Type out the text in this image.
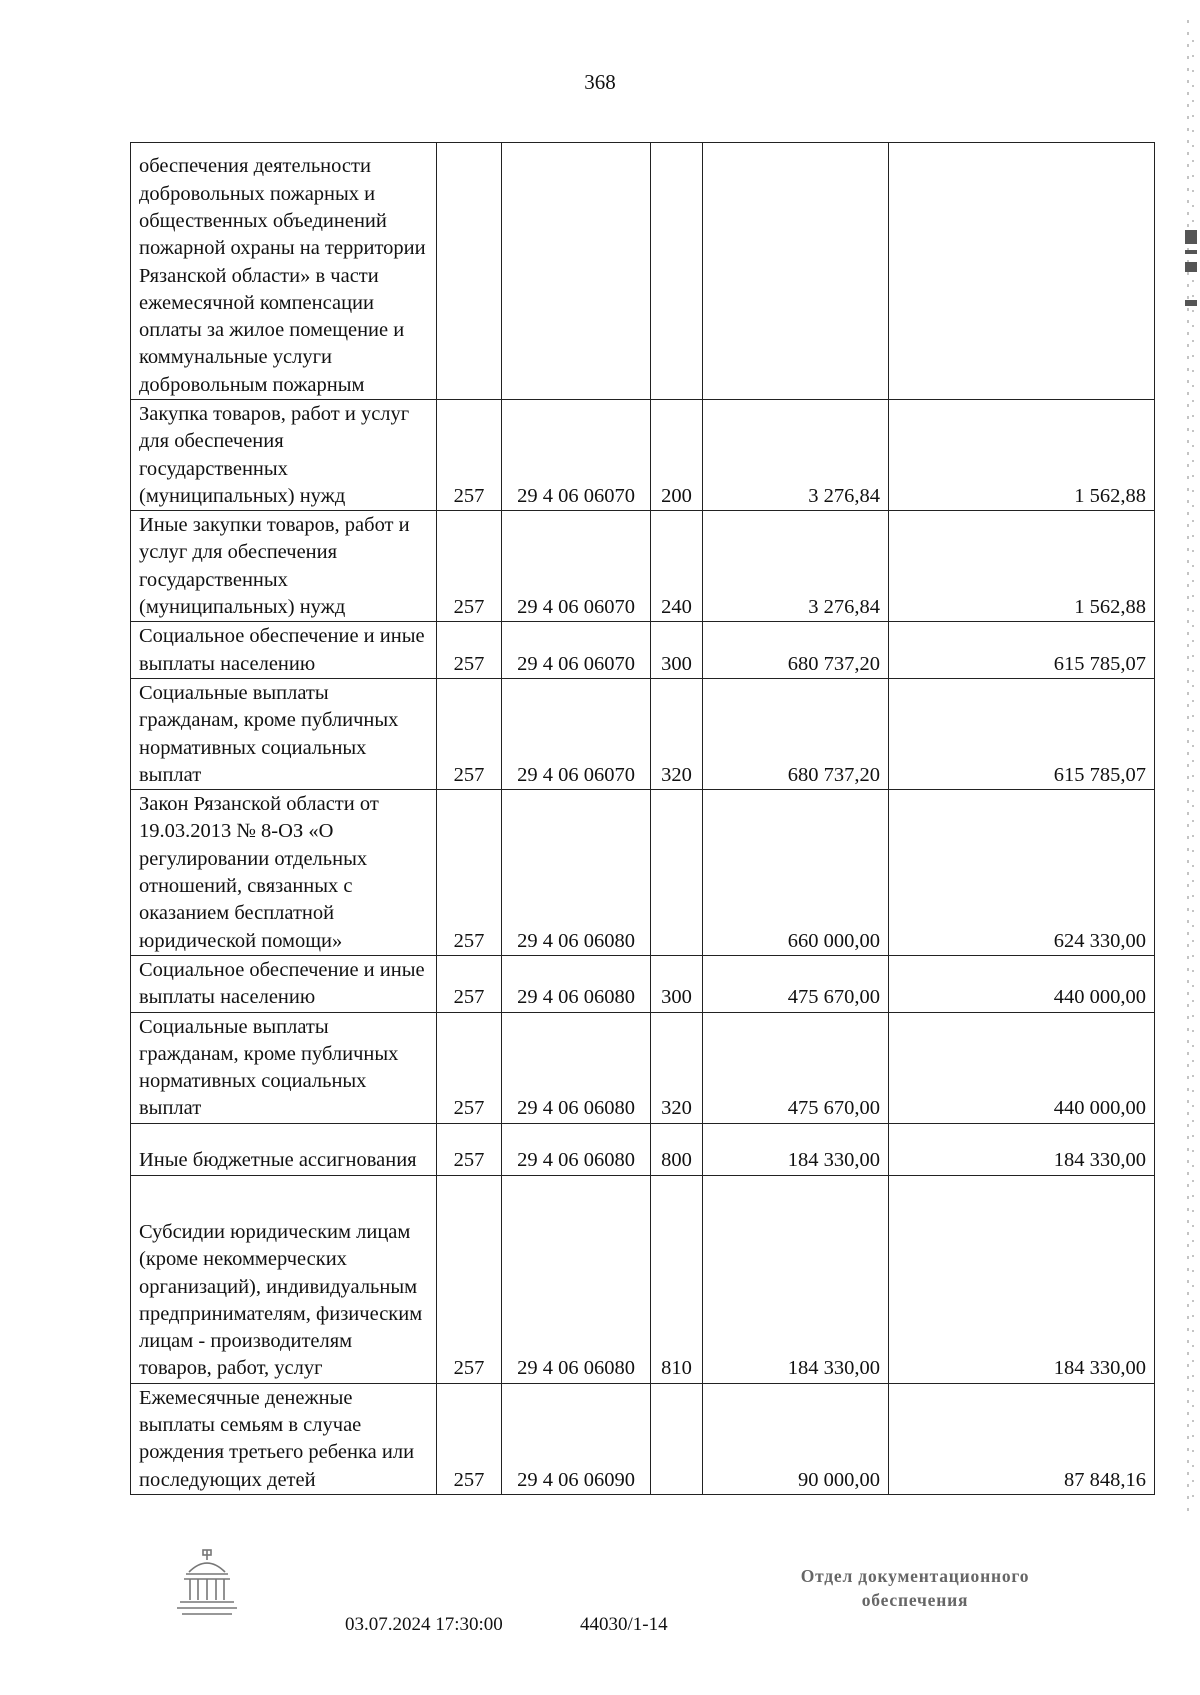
368
обеспечения деятельности добровольных пожарных и общественных объединений пожарной охраны на территории Рязанской области» в части ежемесячной компенсации оплаты за жилое помещение и коммунальные услуги добровольным пожарным					
Закупка товаров, работ и услуг для обеспечения государственных (муниципальных) нужд	257	29 4 06 06070	200	3 276,84	1 562,88
Иные закупки товаров, работ и услуг для обеспечения государственных (муниципальных) нужд	257	29 4 06 06070	240	3 276,84	1 562,88
Социальное обеспечение и иные выплаты населению	257	29 4 06 06070	300	680 737,20	615 785,07
Социальные выплаты гражданам, кроме публичных нормативных социальных выплат	257	29 4 06 06070	320	680 737,20	615 785,07
Закон Рязанской области от 19.03.2013 № 8-ОЗ «О регулировании отдельных отношений, связанных с оказанием бесплатной юридической помощи»	257	29 4 06 06080		660 000,00	624 330,00
Социальное обеспечение и иные выплаты населению	257	29 4 06 06080	300	475 670,00	440 000,00
Социальные выплаты гражданам, кроме публичных нормативных социальных выплат	257	29 4 06 06080	320	475 670,00	440 000,00
Иные бюджетные ассигнования	257	29 4 06 06080	800	184 330,00	184 330,00
Субсидии юридическим лицам (кроме некоммерческих организаций), индивидуальным предпринимателям, физическим лицам - производителям товаров, работ, услуг	257	29 4 06 06080	810	184 330,00	184 330,00
Ежемесячные денежные выплаты семьям в случае рождения третьего ребенка или последующих детей	257	29 4 06 06090		90 000,00	87 848,16
03.07.2024 17:30:00	44030/1-14
Отдел документационного
обеспечения
